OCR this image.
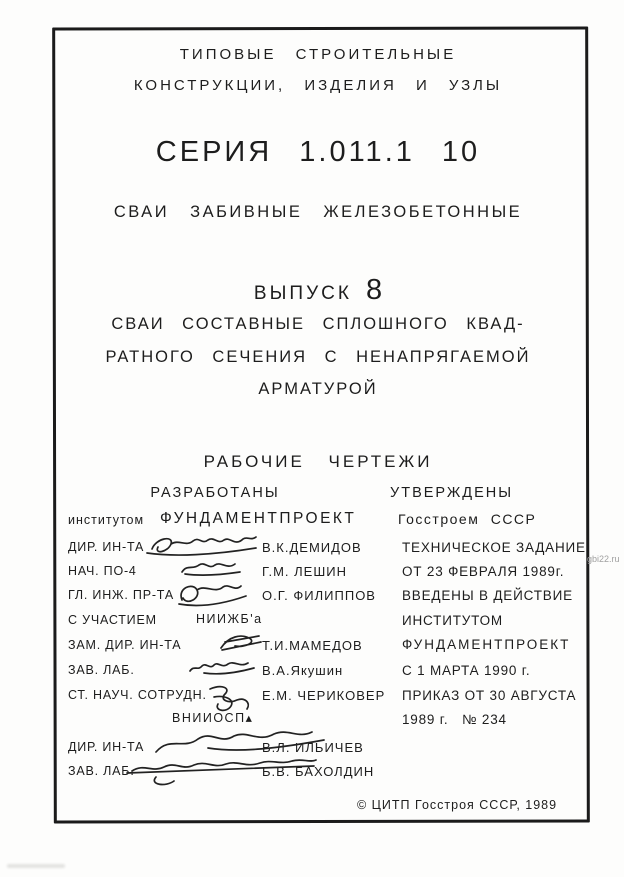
ТИПОВЫЕ СТРОИТЕЛЬНЫЕ
КОНСТРУКЦИИ, ИЗДЕЛИЯ И УЗЛЫ
СЕРИЯ 1.011.1 10
СВАИ ЗАБИВНЫЕ ЖЕЛЕЗОБЕТОННЫЕ
ВЫПУСК 8
СВАИ СОСТАВНЫЕ СПЛОШНОГО КВАД-
РАТНОГО СЕЧЕНИЯ С НЕНАПРЯГАЕМОЙ
АРМАТУРОЙ
РАБОЧИЕ ЧЕРТЕЖИ
РАЗРАБОТАНЫ	УТВЕРЖДЕНЫ
институтом ФУНДАМЕНТПРОЕКТ	Госстроем СССР
ДИР. ИН-ТА	В.К.ДЕМИДОВ
НАЧ. ПО-4	Г.М. ЛЕШИН
ГЛ. ИНЖ. ПР-ТА	О.Г. ФИЛИППОВ
С УЧАСТИЕМ	НИИЖБ'а
ЗАМ. ДИР. ИН-ТА	Т.И.МАМЕДОВ
ЗАВ. ЛАБ.	В.А.Якушин
СТ. НАУЧ. СОТРУДН.	Е.М. ЧЕРИКОВЕР
ВНИИОСП▴
ДИР. ИН-ТА	В.Л. ИЛЬИЧЕВ
ЗАВ. ЛАБ.	Б.В. БАХОЛДИН
ТЕХНИЧЕСКОЕ ЗАДАНИЕ
ОТ 23 ФЕВРАЛЯ 1989г.
ВВЕДЕНЫ В ДЕЙСТВИЕ
ИНСТИТУТОМ
ФУНДАМЕНТПРОЕКТ
С 1 МАРТА 1990 г.
ПРИКАЗ ОТ 30 АВГУСТА
1989 г.   № 234
© ЦИТП Госстроя СССР, 1989
gbi22.ru
